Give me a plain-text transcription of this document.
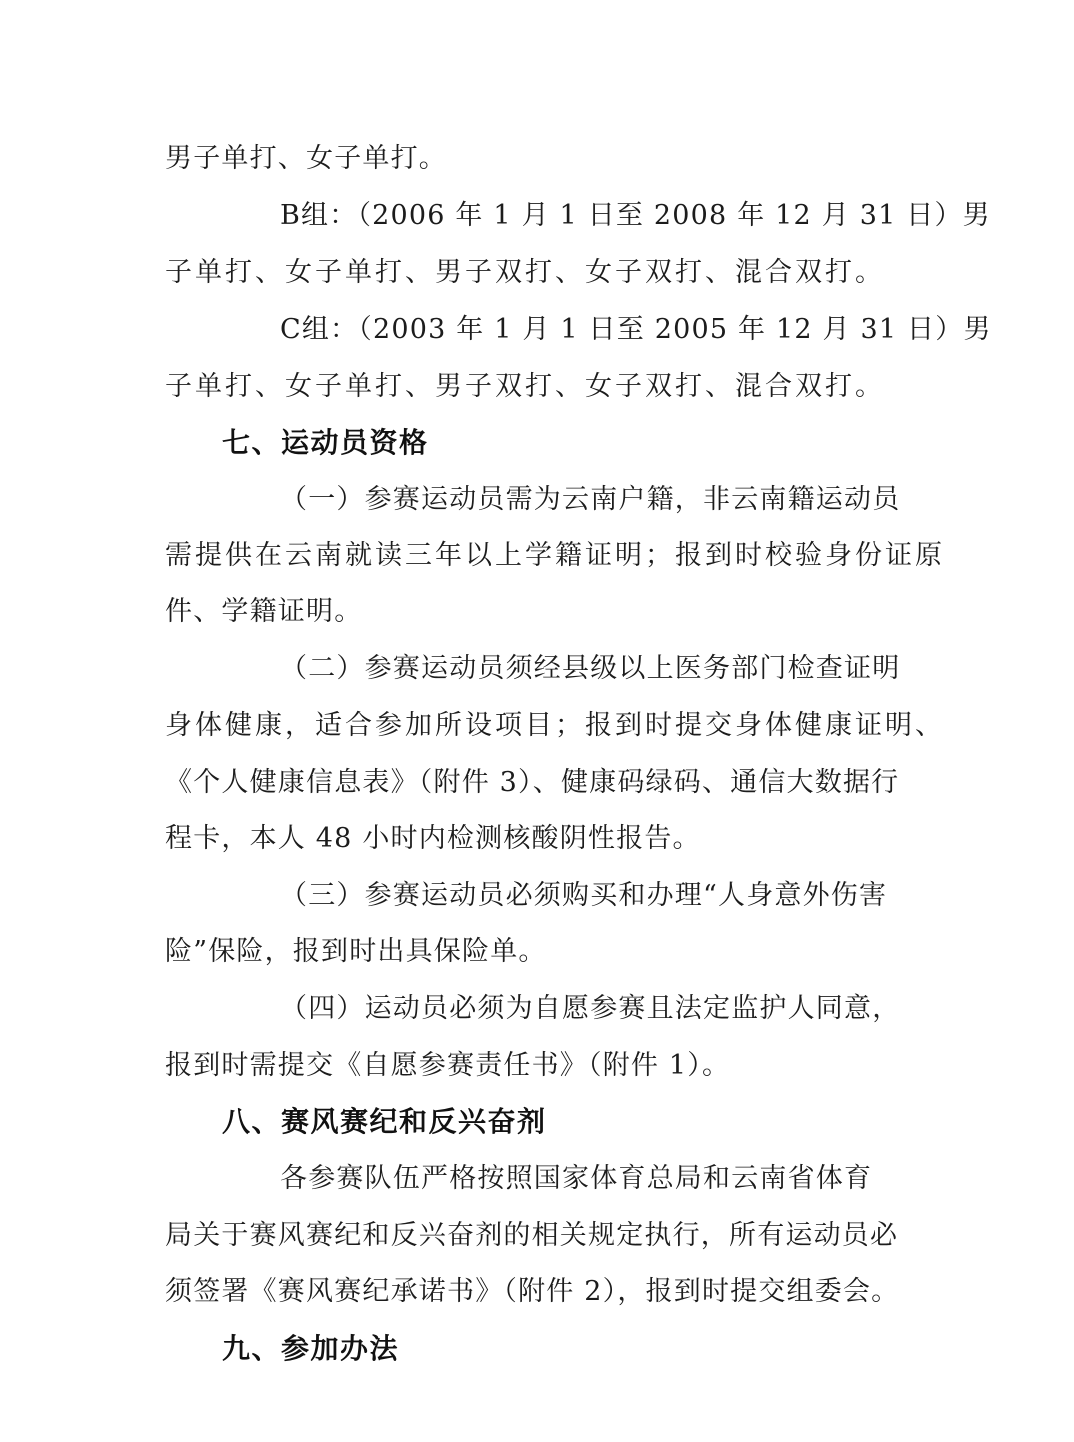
男子单打、女子单打。
B组：（2006 年 1 月 1 日至 2008 年 12 月 31 日）男
子单打、女子单打、男子双打、女子双打、混合双打。
C组：（2003 年 1 月 1 日至 2005 年 12 月 31 日）男
子单打、女子单打、男子双打、女子双打、混合双打。
七、运动员资格
（一）参赛运动员需为云南户籍，非云南籍运动员
需提供在云南就读三年以上学籍证明；报到时校验身份证原
件、学籍证明。
（二）参赛运动员须经县级以上医务部门检查证明
身体健康，适合参加所设项目；报到时提交身体健康证明、
《个人健康信息表》（附件 3）、健康码绿码、通信大数据行
程卡，本人 48 小时内检测核酸阴性报告。
（三）参赛运动员必须购买和办理“人身意外伤害
险”保险，报到时出具保险单。
（四）运动员必须为自愿参赛且法定监护人同意，
报到时需提交《自愿参赛责任书》（附件 1）。
八、赛风赛纪和反兴奋剂
各参赛队伍严格按照国家体育总局和云南省体育
局关于赛风赛纪和反兴奋剂的相关规定执行，所有运动员必
须签署《赛风赛纪承诺书》（附件 2），报到时提交组委会。
九、参加办法
